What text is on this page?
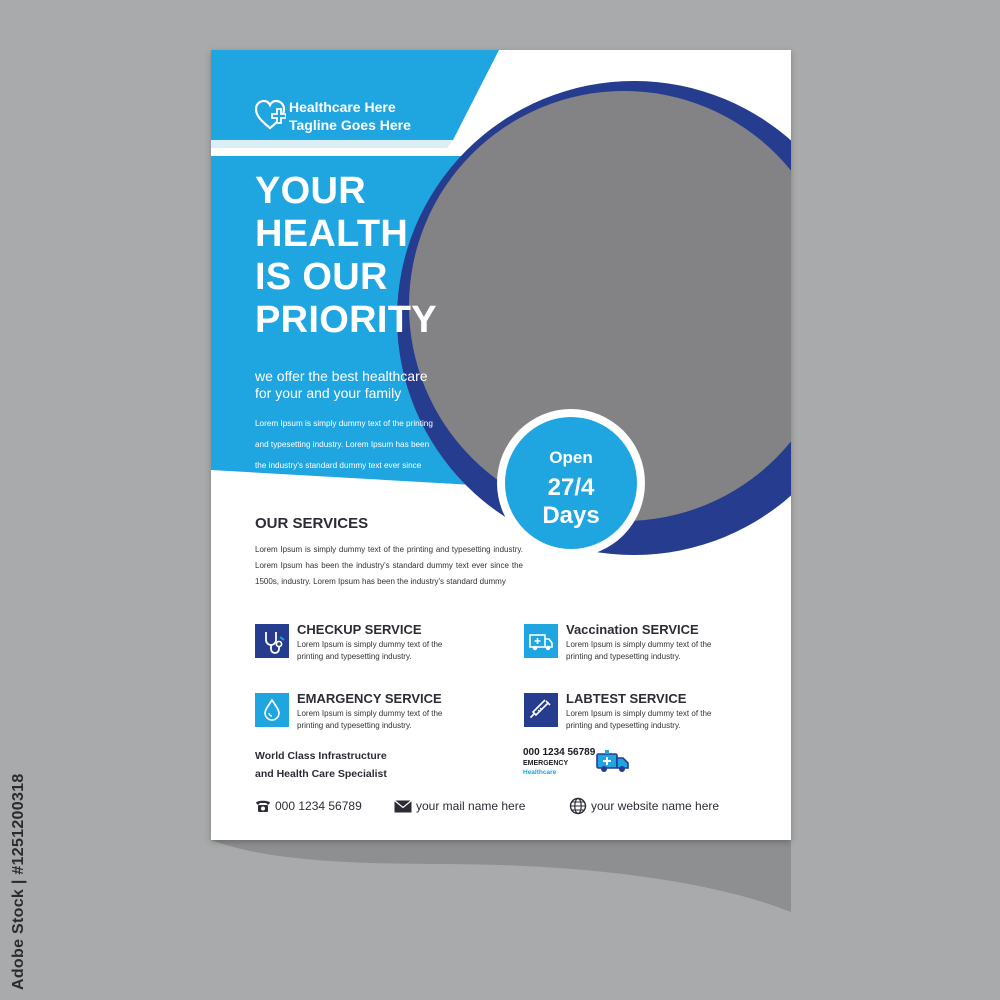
Healthcare Here
Tagline Goes Here
YOUR
HEALTH
IS OUR
PRIORITY
we offer the best healthcare
for your and your family
Lorem Ipsum is simply dummy text of the printing
and typesetting industry. Lorem Ipsum has been
the industry's standard dummy text ever since	Open
27/4
Days
OUR SERVICES
Lorem Ipsum is simply dummy text of the printing and typesetting industry. Lorem Ipsum has been the industry's standard dummy text ever since the 1500s, industry. Lorem Ipsum has been the industry's standard dummy
CHECKUP SERVICE
Lorem Ipsum is simply dummy text of the
printing and typesetting industry.
Vaccination SERVICE
Lorem Ipsum is simply dummy text of the
printing and typesetting industry.
EMARGENCY SERVICE
Lorem Ipsum is simply dummy text of the
printing and typesetting industry.
LABTEST SERVICE
Lorem Ipsum is simply dummy text of the
printing and typesetting industry.
World Class Infrastructure
and Health Care Specialist
000 1234 56789
EMERGENCY
Healthcare
000 1234 56789	your mail name here	your website name here
Adobe Stock | #1251200318
